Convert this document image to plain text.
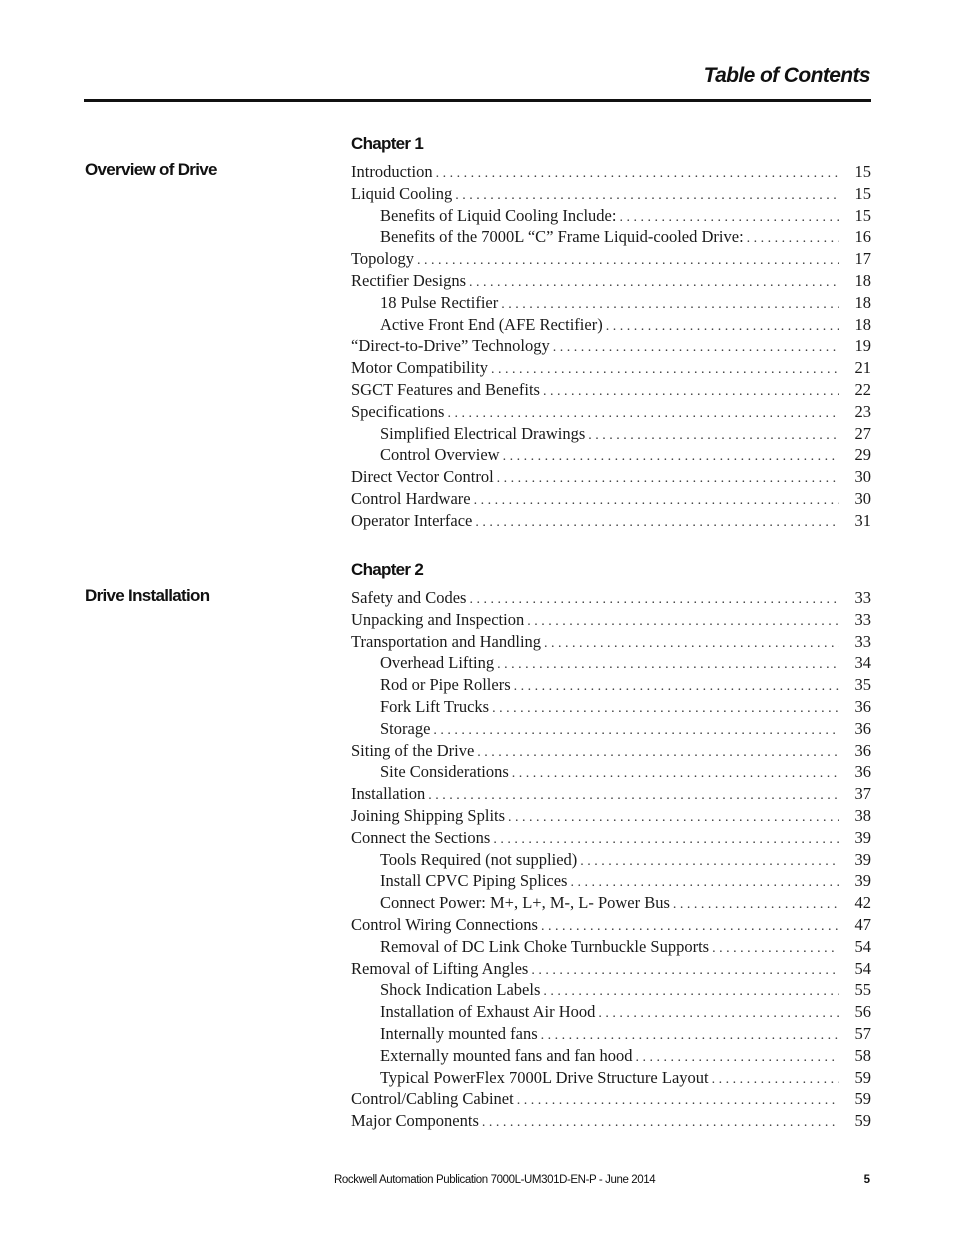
Table of Contents
Chapter 1
Overview of Drive	Introduction . . .	15
Liquid Cooling . . .	15
Benefits of Liquid Cooling Include: . . .	15
Benefits of the 7000L “C” Frame Liquid-cooled Drive: . . .	16
Topology . . .	17
Rectifier Designs . . .	18
18 Pulse Rectifier . . .	18
Active Front End (AFE Rectifier) . . .	18
“Direct-to-Drive” Technology . . .	19
Motor Compatibility . . .	21
SGCT Features and Benefits . . .	22
Specifications . . .	23
Simplified Electrical Drawings . . .	27
Control Overview . . .	29
Direct Vector Control . . .	30
Control Hardware . . .	30
Operator Interface . . .	31
Chapter 2
Drive Installation	Safety and Codes . . .	33
Unpacking and Inspection . . .	33
Transportation and Handling . . .	33
Overhead Lifting . . .	34
Rod or Pipe Rollers . . .	35
Fork Lift Trucks . . .	36
Storage . . .	36
Siting of the Drive . . .	36
Site Considerations . . .	36
Installation . . .	37
Joining Shipping Splits . . .	38
Connect the Sections . . .	39
Tools Required (not supplied) . . .	39
Install CPVC Piping Splices . . .	39
Connect Power: M+, L+, M-, L- Power Bus . . .	42
Control Wiring Connections . . .	47
Removal of DC Link Choke Turnbuckle Supports . . .	54
Removal of Lifting Angles . . .	54
Shock Indication Labels . . .	55
Installation of Exhaust Air Hood . . .	56
Internally mounted fans . . .	57
Externally mounted fans and fan hood . . .	58
Typical PowerFlex 7000L Drive Structure Layout . . .	59
Control/Cabling Cabinet . . .	59
Major Components . . .	59
Rockwell Automation Publication 7000L-UM301D-EN-P - June 2014	5
